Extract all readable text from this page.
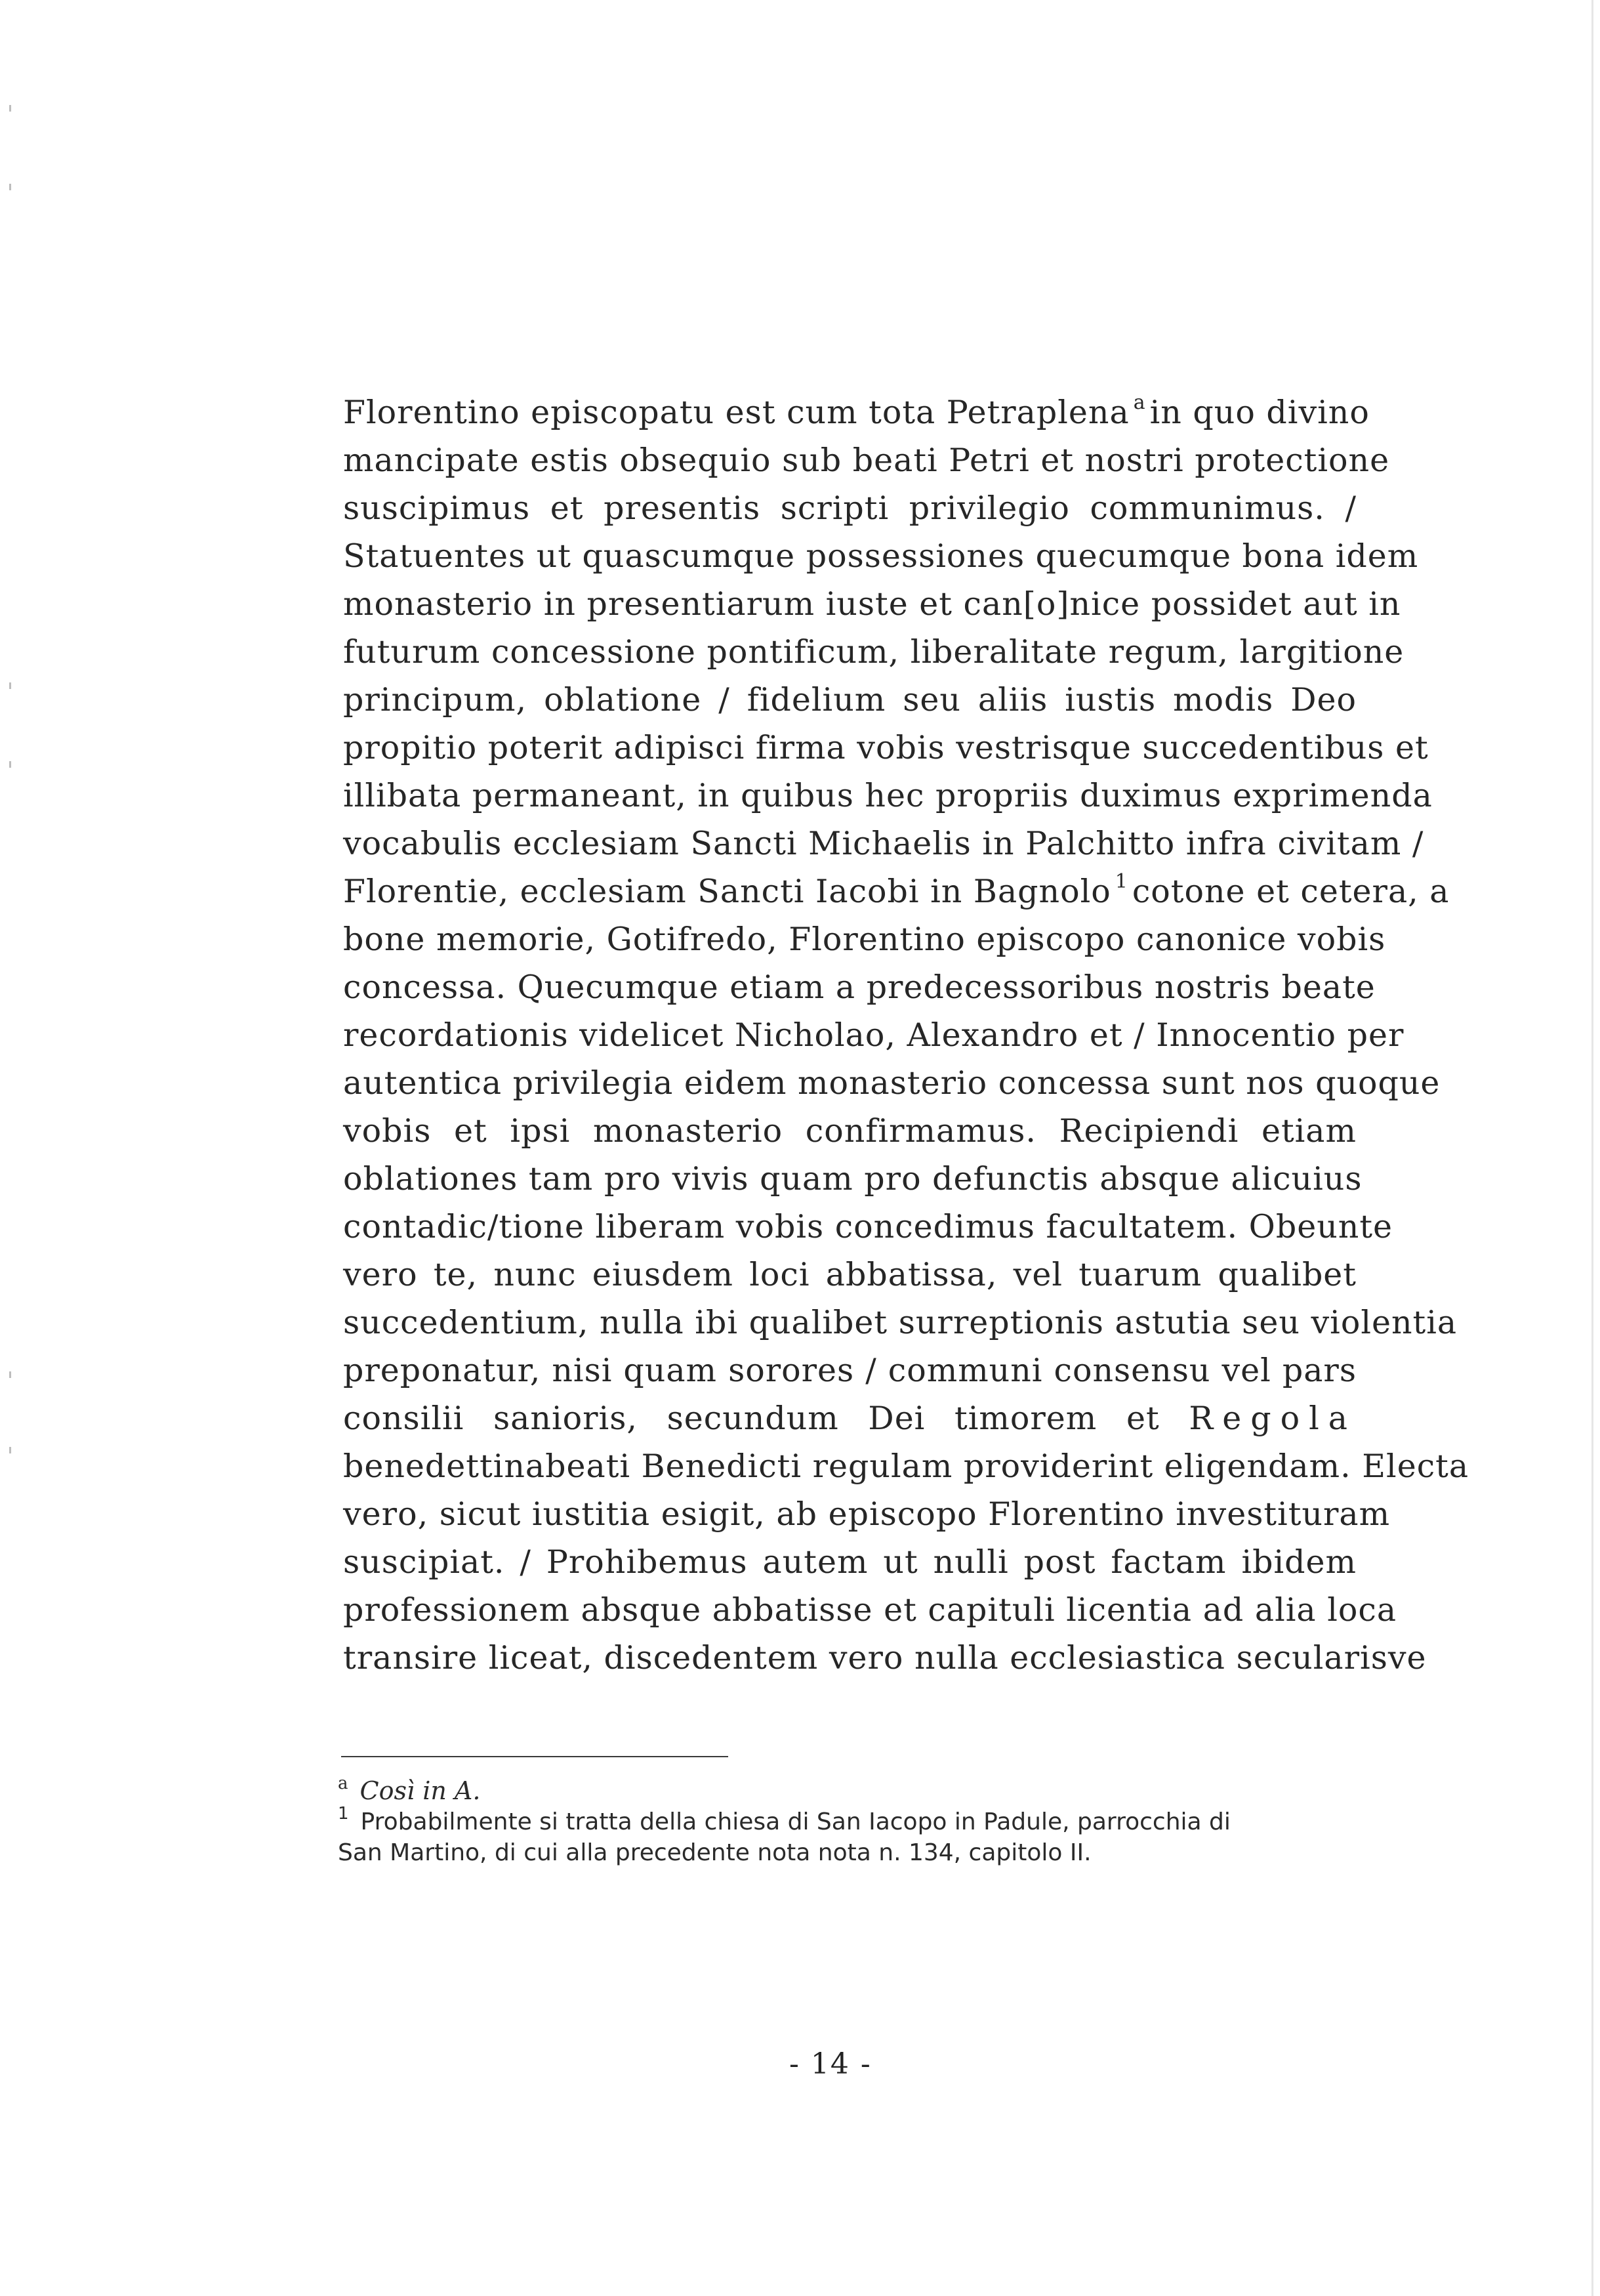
Florentino episcopatu est cum tota Petraplena $^a$ in quo divino
mancipate estis obsequio sub beati Petri et nostri protectione
suscipimus et presentis scripti privilegio communimus. /
Statuentes ut quascumque possessiones quecumque bona idem
monasterio in presentiarum iuste et can[o]nice possidet aut in
futurum concessione pontificum, liberalitate regum, largitione
principum, oblatione / fidelium seu aliis iustis modis Deo
propitio poterit adipisci firma vobis vestrisque succedentibus et
illibata permaneant, in quibus hec propriis duximus exprimenda
vocabulis ecclesiam Sancti Michaelis in Palchitto infra civitam /
Florentie, ecclesiam Sancti Iacobi in Bagnolo $^1$ cotone et cetera, a
bone memorie, Gotifredo, Florentino episcopo canonice vobis
concessa. Quecumque etiam a predecessoribus nostris beate
recordationis videlicet Nicholao, Alexandro et / Innocentio per
autentica privilegia eidem monasterio concessa sunt nos quoque
vobis et ipsi monasterio confirmamus. Recipiendi etiam
oblationes tam pro vivis quam pro defunctis absque alicuius
contadic/tione liberam vobis concedimus facultatem. Obeunte
vero te, nunc eiusdem loci abbatissa, vel tuarum qualibet
succedentium, nulla ibi qualibet surreptionis astutia seu violentia
preponatur, nisi quam sorores / communi consensu vel pars
consilii sanioris, secundum Dei timorem et Regola
benedettinabeati Benedicti regulam providerint eligendam. Electa
vero, sicut iustitia esigit, ab episcopo Florentino investituram
suscipiat. / Prohibemus autem ut nulli post factam ibidem
professionem absque abbatisse et capituli licentia ad alia loca
transire liceat, discedentem vero nulla ecclesiastica secularisve
$^a$ Così in A.
$^1$ Probabilmente si tratta della chiesa di San Iacopo in Padule, parrocchia di
San Martino, di cui alla precedente nota nota n. 134, capitolo II.
- 14 -
